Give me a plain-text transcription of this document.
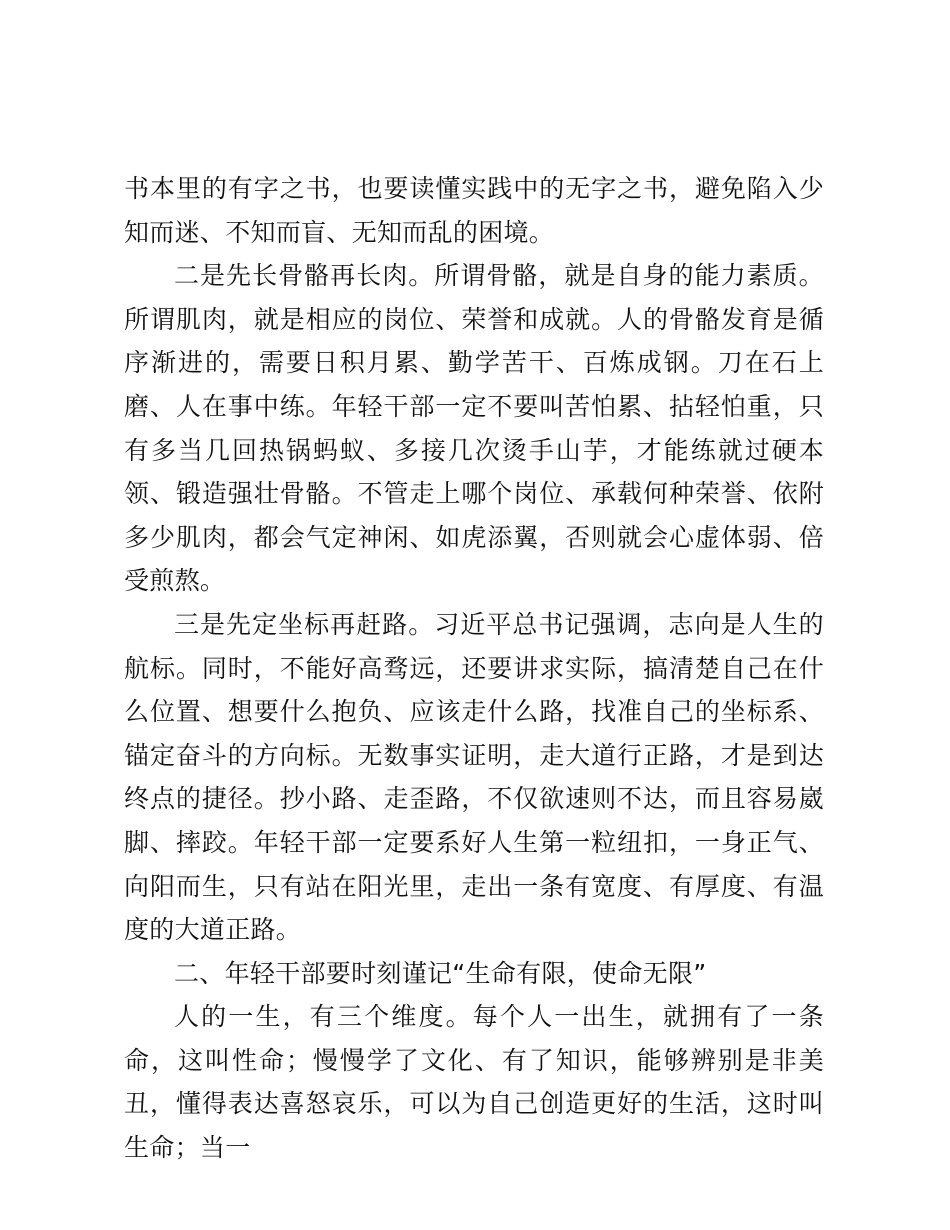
书本里的有字之书，也要读懂实践中的无字之书，避免陷入少知而迷、不知而盲、无知而乱的困境。

二是先长骨骼再长肉。所谓骨骼，就是自身的能力素质。所谓肌肉，就是相应的岗位、荣誉和成就。人的骨骼发育是循序渐进的，需要日积月累、勤学苦干、百炼成钢。刀在石上磨、人在事中练。年轻干部一定不要叫苦怕累、拈轻怕重，只有多当几回热锅蚂蚁、多接几次烫手山芋，才能练就过硬本领、锻造强壮骨骼。不管走上哪个岗位、承载何种荣誉、依附多少肌肉，都会气定神闲、如虎添翼，否则就会心虚体弱、倍受煎熬。

三是先定坐标再赶路。习近平总书记强调，志向是人生的航标。同时，不能好高骛远，还要讲求实际，搞清楚自己在什么位置、想要什么抱负、应该走什么路，找准自己的坐标系、锚定奋斗的方向标。无数事实证明，走大道行正路，才是到达终点的捷径。抄小路、走歪路，不仅欲速则不达，而且容易崴脚、摔跤。年轻干部一定要系好人生第一粒纽扣，一身正气、向阳而生，只有站在阳光里，走出一条有宽度、有厚度、有温度的大道正路。

二、年轻干部要时刻谨记“生命有限，使命无限”

人的一生，有三个维度。每个人一出生，就拥有了一条命，这叫性命；慢慢学了文化、有了知识，能够辨别是非美丑，懂得表达喜怒哀乐，可以为自己创造更好的生活，这时叫生命；当一
